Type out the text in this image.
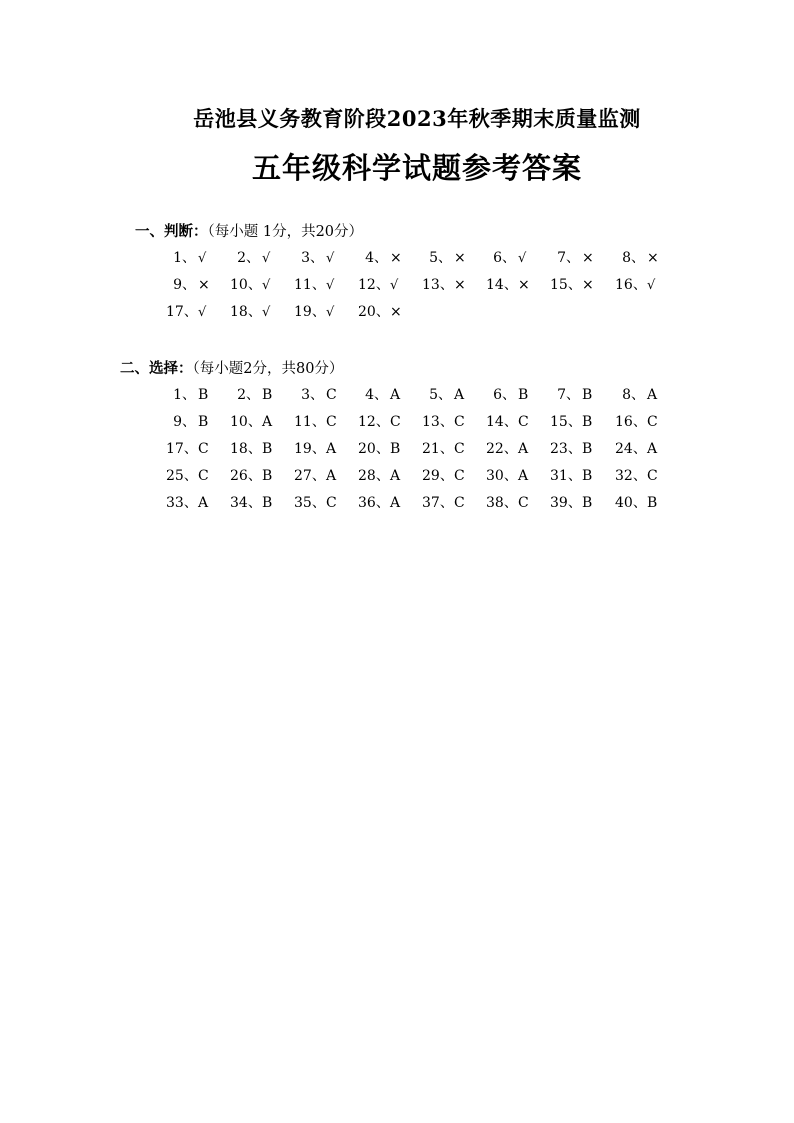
岳池县义务教育阶段2023年秋季期末质量监测
五年级科学试题参考答案
一、判断：（每小题 1分，共20分）
1、 √	2、 √	3、 √	4、 ×	5、 ×	6、 √	7、 ×	8、 ×
9、 × 10、√ 11、√ 12、√ 13、× 14、× 15、× 16、√
17、√ 18、√ 19、√ 20、×
二、选择：（每小题2分，共80分）
1、 B	2、 B	3、 C	4、 A	5、 A	6、 B	7、 B	8、 A
9、 B 10、A 11、C 12、C 13、C 14、C 15、B 16、C
17、C 18、B 19、A 20、B 21、C 22、A 23、B 24、A
25、C 26、B 27、A 28、A 29、C 30、A 31、B 32、C
33、A 34、B 35、C 36、A 37、C 38、C 39、B 40、B
